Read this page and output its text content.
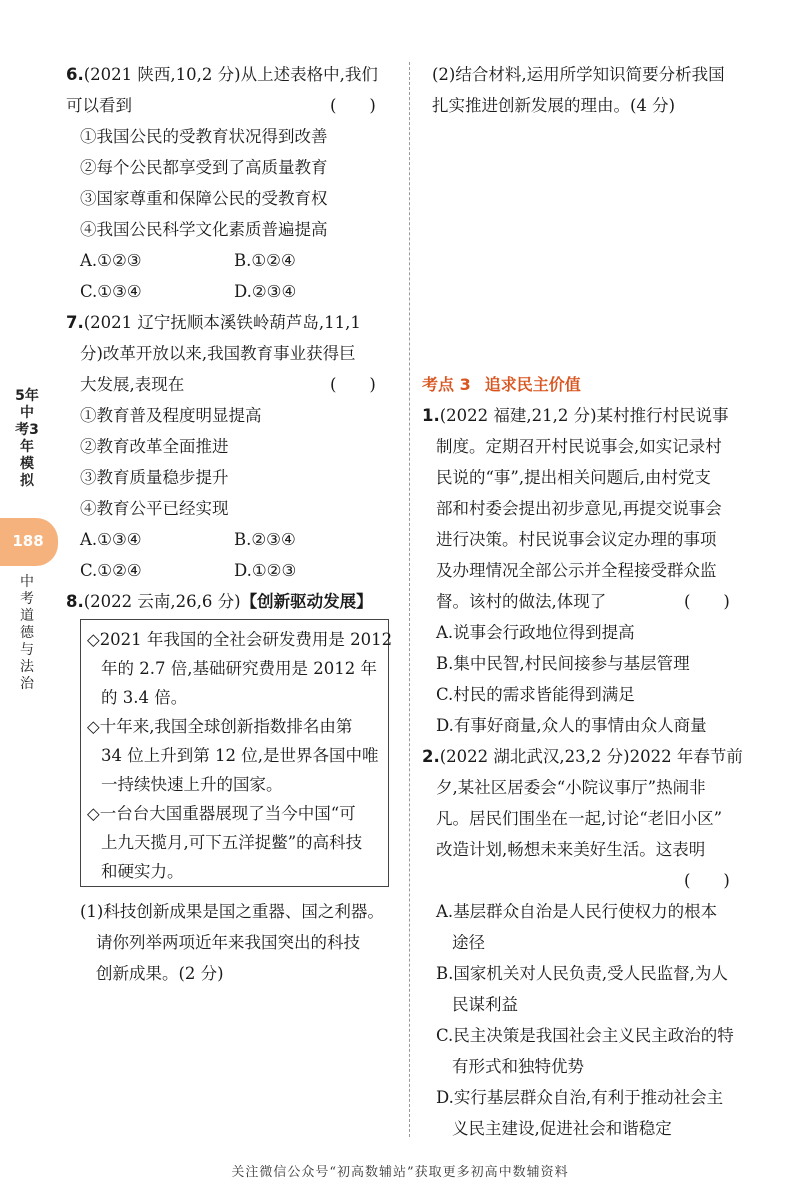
5年中考3年模拟
188
中考道德与法治
6.(2021 陕西,10,2 分)从上述表格中,我们
可以看到	(　　)
①我国公民的受教育状况得到改善
②每个公民都享受到了高质量教育
③国家尊重和保障公民的受教育权
④我国公民科学文化素质普遍提高
A.①②③	B.①②④
C.①③④	D.②③④
7.(2021 辽宁抚顺本溪铁岭葫芦岛,11,1
分)改革开放以来,我国教育事业获得巨
大发展,表现在	(　　)
①教育普及程度明显提高
②教育改革全面推进
③教育质量稳步提升
④教育公平已经实现
A.①③④	B.②③④
C.①②④	D.①②③
8.(2022 云南,26,6 分)【创新驱动发展】
◇2021 年我国的全社会研发费用是 2012
年的 2.7 倍,基础研究费用是 2012 年
的 3.4 倍。
◇十年来,我国全球创新指数排名由第
34 位上升到第 12 位,是世界各国中唯
一持续快速上升的国家。
◇一台台大国重器展现了当今中国“可
上九天揽月,可下五洋捉鳖”的高科技
和硬实力。
(1)科技创新成果是国之重器、国之利器。
请你列举两项近年来我国突出的科技
创新成果。(2 分)
(2)结合材料,运用所学知识简要分析我国
扎实推进创新发展的理由。(4 分)
考点 3 追求民主价值
1.(2022 福建,21,2 分)某村推行村民说事
制度。定期召开村民说事会,如实记录村
民说的“事”,提出相关问题后,由村党支
部和村委会提出初步意见,再提交说事会
进行决策。村民说事会议定办理的事项
及办理情况全部公示并全程接受群众监
督。该村的做法,体现了	(　　)
A.说事会行政地位得到提高
B.集中民智,村民间接参与基层管理
C.村民的需求皆能得到满足
D.有事好商量,众人的事情由众人商量
2.(2022 湖北武汉,23,2 分)2022 年春节前
夕,某社区居委会“小院议事厅”热闹非
凡。居民们围坐在一起,讨论“老旧小区”
改造计划,畅想未来美好生活。这表明
(　　)
A.基层群众自治是人民行使权力的根本
途径
B.国家机关对人民负责,受人民监督,为人
民谋利益
C.民主决策是我国社会主义民主政治的特
有形式和独特优势
D.实行基层群众自治,有利于推动社会主
义民主建设,促进社会和谐稳定
关注微信公众号“初高数辅站”获取更多初高中数辅资料
